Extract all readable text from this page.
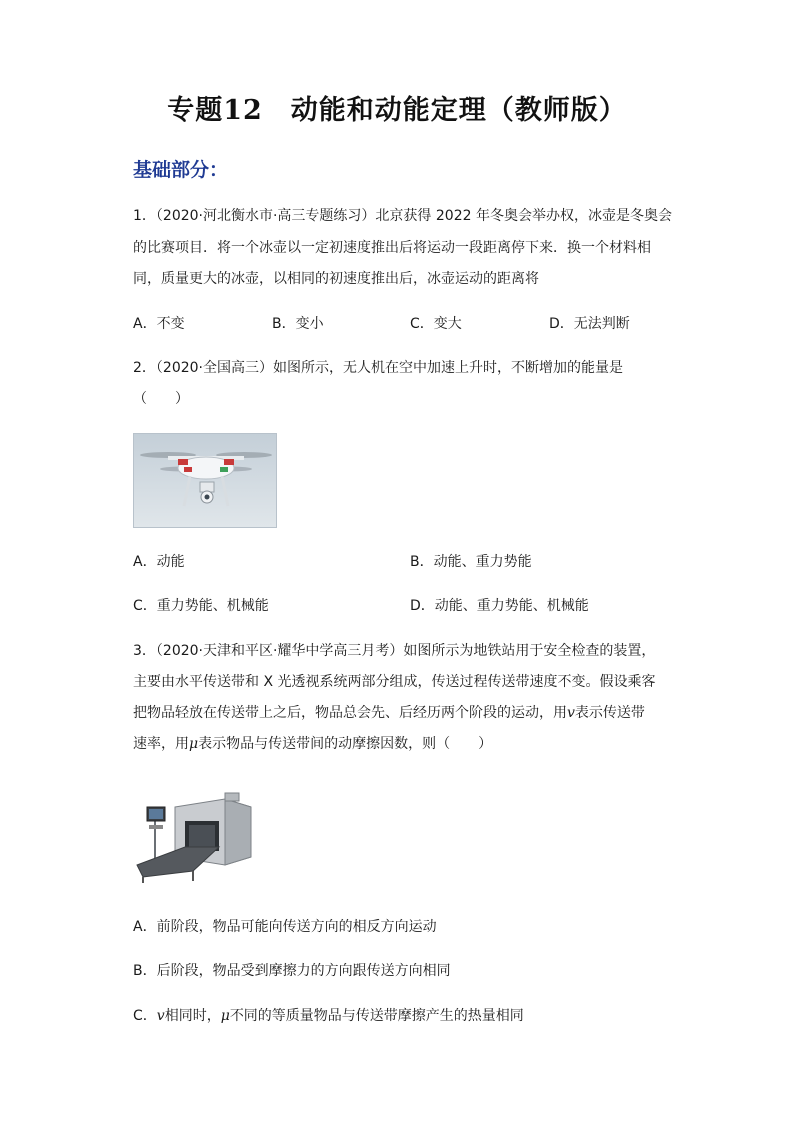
专题12　动能和动能定理（教师版）
基础部分：
1．（2020·河北衡水市·高三专题练习）北京获得 2022 年冬奥会举办权，冰壶是冬奥会
的比赛项目．将一个冰壶以一定初速度推出后将运动一段距离停下来．换一个材料相
同，质量更大的冰壶，以相同的初速度推出后，冰壶运动的距离将
A．不变	B．变小	C．变大	D．无法判断
2．（2020·全国高三）如图所示，无人机在空中加速上升时，不断增加的能量是
（　　）
A．动能	B．动能、重力势能
C．重力势能、机械能	D．动能、重力势能、机械能
3．（2020·天津和平区·耀华中学高三月考）如图所示为地铁站用于安全检查的装置，
主要由水平传送带和 X 光透视系统两部分组成，传送过程传送带速度不变。假设乘客
把物品轻放在传送带上之后，物品总会先、后经历两个阶段的运动，用v表示传送带
速率，用μ表示物品与传送带间的动摩擦因数，则（　　）
A．前阶段，物品可能向传送方向的相反方向运动
B．后阶段，物品受到摩擦力的方向跟传送方向相同
C．v相同时，μ不同的等质量物品与传送带摩擦产生的热量相同
